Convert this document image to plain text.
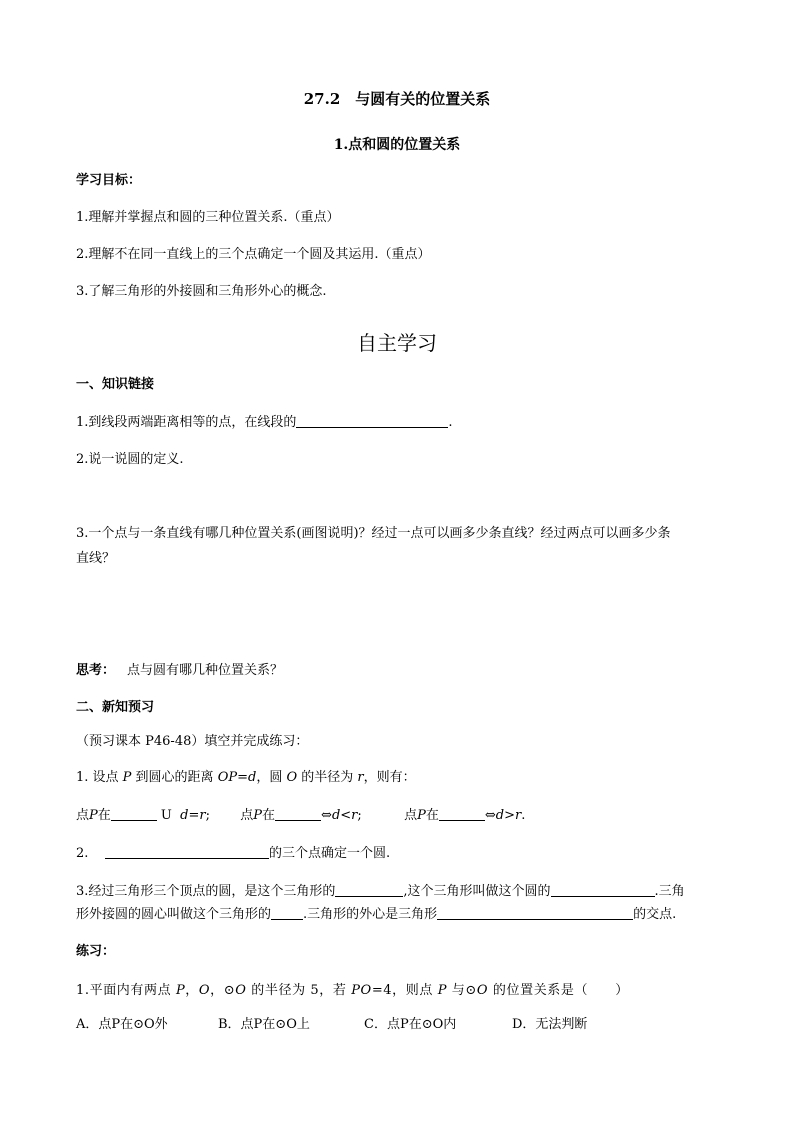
27.2　与圆有关的位置关系
1.点和圆的位置关系
学习目标：
1.理解并掌握点和圆的三种位置关系.（重点）
2.理解不在同一直线上的三个点确定一个圆及其运用.（重点）
3.了解三角形的外接圆和三角形外心的概念.
自主学习
一、知识链接
1.到线段两端距离相等的点，在线段的	.
2.说一说圆的定义.
3.一个点与一条直线有哪几种位置关系(画图说明)？经过一点可以画多少条直线？经过两点可以画多少条
直线？
思考： 点与圆有哪几种位置关系？
二、新知预习
（预习课本 P46-48）填空并完成练习：
1. 设点 P 到圆心的距离 OP=d，圆 O 的半径为 r，则有：
点P在	U d=r; 点P在	⇔d<r;	点P在	⇔d>r.
2.	的三个点确定一个圆.
3.经过三角形三个顶点的圆，是这个三角形的	,这个三角形叫做这个圆的	.三角
形外接圆的圆心叫做这个三角形的 .三角形的外心是三角形	的交点.
练习：
1.平面内有两点 P，O，⊙O 的半径为 5，若 PO=4，则点 P 与⊙O 的位置关系是（　　）
A．点P在⊙O外	B．点P在⊙O上	C．点P在⊙O内	D．无法判断
